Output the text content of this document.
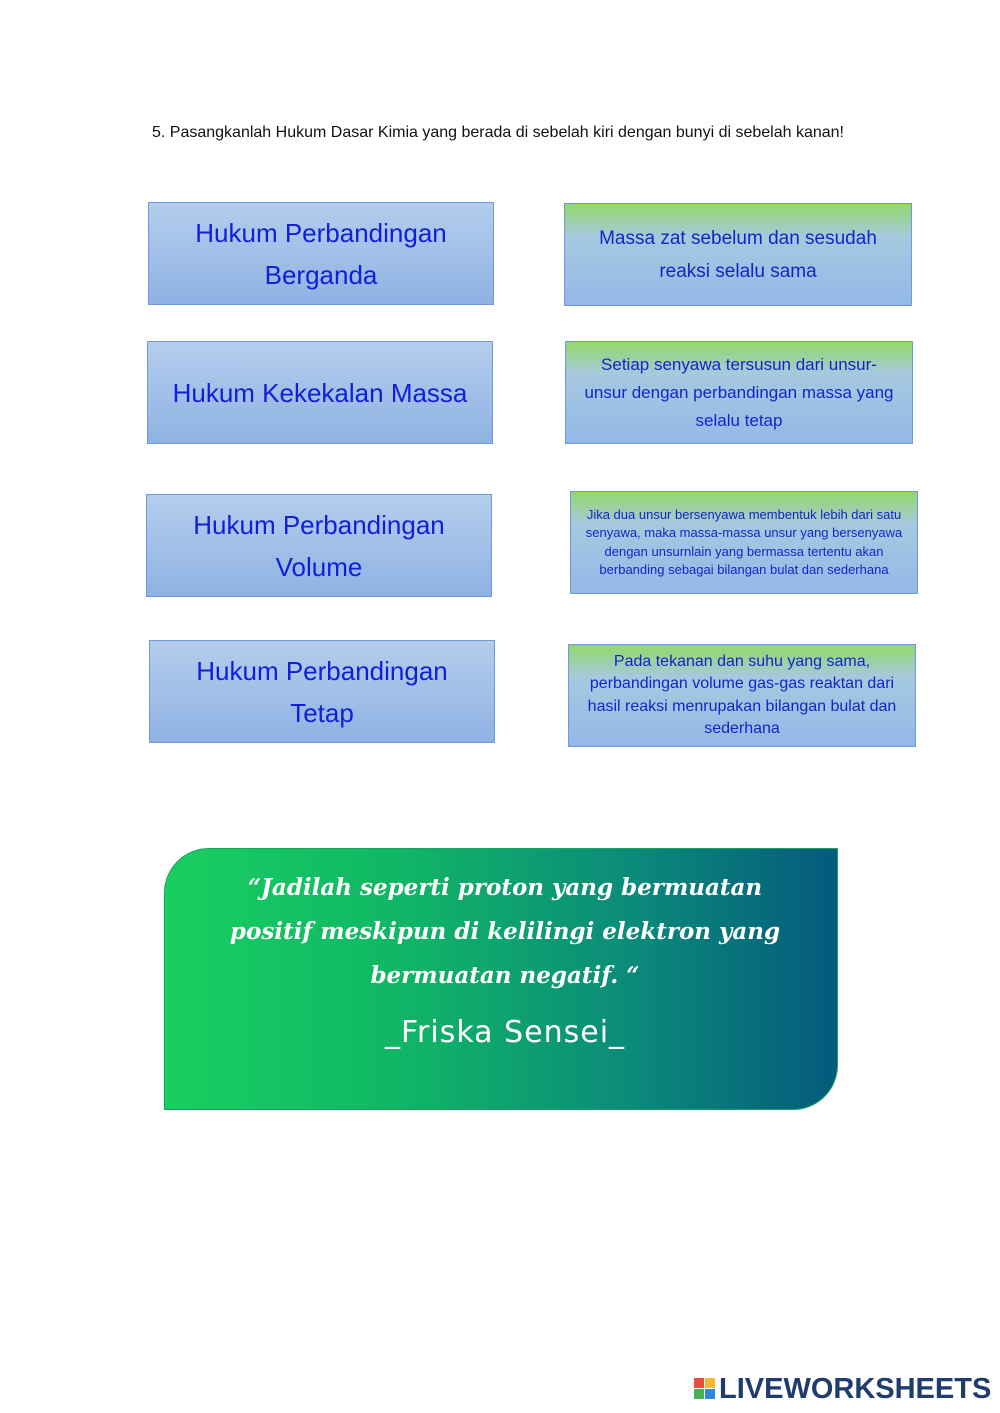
5. Pasangkanlah Hukum Dasar Kimia yang berada di sebelah kiri dengan bunyi di sebelah kanan!
Hukum Perbandingan Berganda
Hukum Kekekalan Massa
Hukum Perbandingan Volume
Hukum Perbandingan Tetap
Massa zat sebelum dan sesudah reaksi selalu sama
Setiap senyawa tersusun dari unsur-unsur dengan perbandingan massa yang selalu tetap
Jika dua unsur bersenyawa membentuk lebih dari satu senyawa, maka massa-massa unsur yang bersenyawa dengan unsurnlain yang bermassa tertentu akan berbanding sebagai bilangan bulat dan sederhana
Pada tekanan dan suhu yang sama, perbandingan volume gas-gas reaktan dari hasil reaksi menrupakan bilangan bulat dan sederhana
“Jadilah seperti proton yang bermuatan positif meskipun di kelilingi elektron yang bermuatan negatif. “
_Friska Sensei_
LIVEWORKSHEETS
